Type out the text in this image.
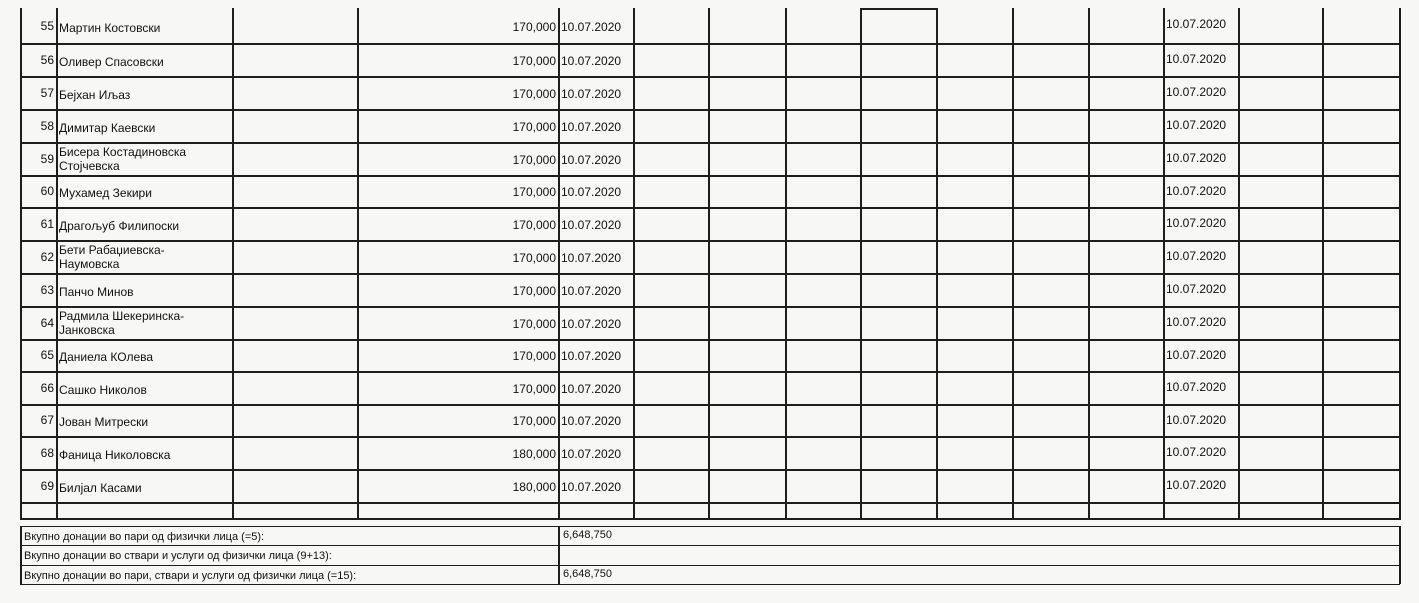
55 Мартин Костовски	170,000 10.07.2020	10.07.2020
56 Оливер Спасовски	170,000 10.07.2020	10.07.2020
57 Бејхан Иљаз	170,000 10.07.2020	10.07.2020
58 Димитар Каевски	170,000 10.07.2020	10.07.2020
59 Бисера Костадиновска Стојчевска	170,000 10.07.2020	10.07.2020
60 Мухамед Зекири	170,000 10.07.2020	10.07.2020
61 Драгољуб Филипоски	170,000 10.07.2020	10.07.2020
62 Бети Рабаџиевска-Наумовска	170,000 10.07.2020	10.07.2020
63 Панчо Минов	170,000 10.07.2020	10.07.2020
64 Радмила Шекеринска-Јанковска	170,000 10.07.2020	10.07.2020
65 Даниела КОлева	170,000 10.07.2020	10.07.2020
66 Сашко Николов	170,000 10.07.2020	10.07.2020
67 Јован Митрески	170,000 10.07.2020	10.07.2020
68 Фаница Николовска	180,000 10.07.2020	10.07.2020
69 Билјал Касами	180,000 10.07.2020	10.07.2020
Вкупно донации во пари од физички лица (=5):	6,648,750
Вкупно донации во ствари и услуги од физички лица (9+13):
Вкупно донации во пари, ствари и услуги од физички лица (=15):	6,648,750
